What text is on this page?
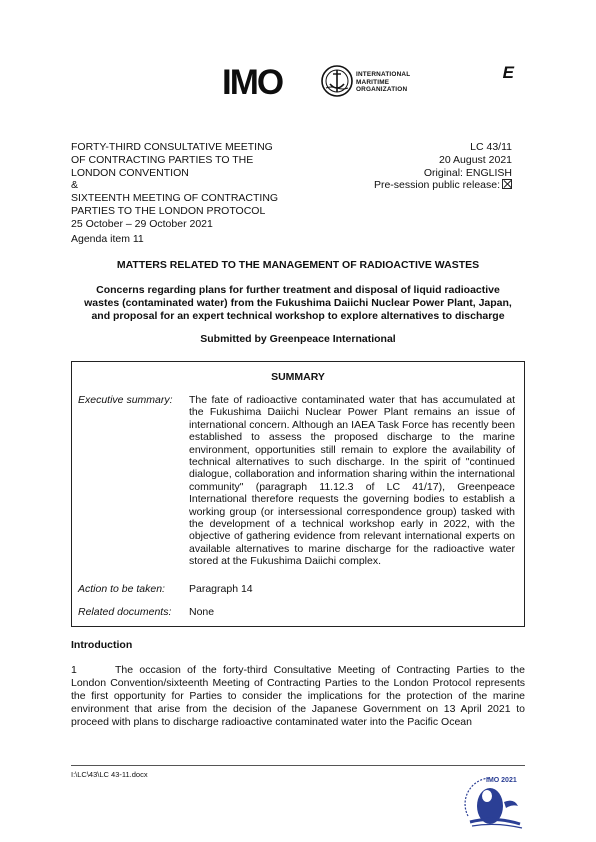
IMO	INTERNATIONAL
MARITIME
ORGANIZATION
E
FORTY-THIRD CONSULTATIVE MEETING
OF CONTRACTING PARTIES TO THE
LONDON CONVENTION
&
SIXTEENTH MEETING OF CONTRACTING
PARTIES TO THE LONDON PROTOCOL
25 October – 29 October 2021
LC 43/11
20 August 2021
Original: ENGLISH
Pre-session public release:
Agenda item 11
MATTERS RELATED TO THE MANAGEMENT OF RADIOACTIVE WASTES
Concerns regarding plans for further treatment and disposal of liquid radioactive
wastes (contaminated water) from the Fukushima Daiichi Nuclear Power Plant, Japan,
and proposal for an expert technical workshop to explore alternatives to discharge
Submitted by Greenpeace International
SUMMARY
Executive summary: The fate of radioactive contaminated water that has accumulated at the Fukushima Daiichi Nuclear Power Plant remains an issue of international concern. Although an IAEA Task Force has recently been established to assess the proposed discharge to the marine environment, opportunities still remain to explore the availability of technical alternatives to such discharge. In the spirit of "continued dialogue, collaboration and information sharing within the international community" (paragraph 11.12.3 of LC 41/17), Greenpeace International therefore requests the governing bodies to establish a working group (or intersessional correspondence group) tasked with the development of a technical workshop early in 2022, with the objective of gathering evidence from relevant international experts on available alternatives to marine discharge for the radioactive water stored at the Fukushima Daiichi complex.
Action to be taken: Paragraph 14
Related documents: None
Introduction
1	The occasion of the forty-third Consultative Meeting of Contracting Parties to the London Convention/sixteenth Meeting of Contracting Parties to the London Protocol represents the first opportunity for Parties to consider the implications for the protection of the marine environment that arise from the decision of the Japanese Government on 13 April 2021 to proceed with plans to discharge radioactive contaminated water into the Pacific Ocean
I:\LC\43\LC 43-11.docx
IMO 2021
